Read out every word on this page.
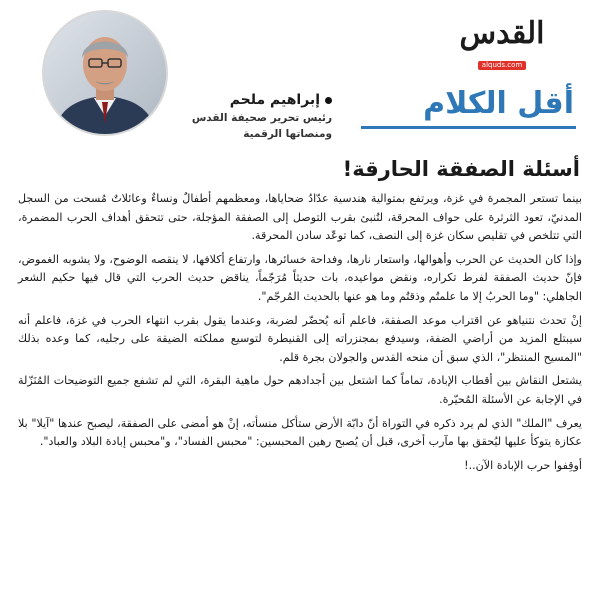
القدس
alquds.com
أقل الكلام
إبراهيم ملحم
رئيس تحرير صحيفة القدس
ومنصاتها الرقمية
أسئلة الصفقة الحارقة!

بينما تستعر المجمرة في غزة، ويرتفع بمتوالية هندسية عدّادُ ضحاياها، ومعظمهم أطفالٌ ونساءٌ وعائلاتٌ مُسحت من السجل المدنيّ، تعود الثرثرة على حواف المحرقة، لتُنبئ بقرب التوصل إلى الصفقة المؤجلة، حتى تتحقق أهداف الحرب المضمرة، التي تتلخص في تقليص سكان غزة إلى النصف، كما توعّد سادن المحرقة.

وإذا كان الحديث عن الحرب وأهوالها، واستعار نارها، وفداحة خسائرها، وارتفاع أكلافها، لا ينقصه الوضوح، ولا يشوبه الغموض، فإنّ حديث الصفقة لفرط تكراره، ونقض مواعيده، بات حديثاً مُرَجّماً، يناقض حديث الحرب التي قال فيها حكيم الشعر الجاهلي: "وما الحربُ إلا ما علمتُم وذقتُم وما هو عنها بالحديث المُرجّم".

إنْ تحدث نتنياهو عن اقتراب موعد الصفقة، فاعلم أنه يُحضّر لضربة، وعندما يقول بقرب انتهاء الحرب في غزة، فاعلم أنه سيبتلع المزيد من أراضي الضفة، وسيدفع بمجنزراته إلى القنيطرة لتوسيع مملكته الضيقة على رجليه، كما وعده بذلك "المسيح المنتظر"، الذي سبق أن منحه القدس والجولان بجرة قلم.

يشتعل النقاش بين أقطاب الإبادة، تماماً كما اشتعل بين أجدادهم حول ماهية البقرة، التي لم تشفع جميع التوضيحات المُنَزّلة في الإجابة عن الأسئلة المُحيّرة.

يعرف "الملك" الذي لم يرد ذكره في التوراة أنّ دابّة الأرض ستأكل منسأته، إنْ هو أمضى على الصفقة، ليصبح عندها "آيلا" بلا عكازة يتوكأ عليها ليُحقق بها مآرب أخرى، قبل أن يُصبح رهين المحبسين: "محبس الفساد"، و"محبس إبادة البلاد والعباد".

أوقِفوا حرب الإبادة الآن..!
